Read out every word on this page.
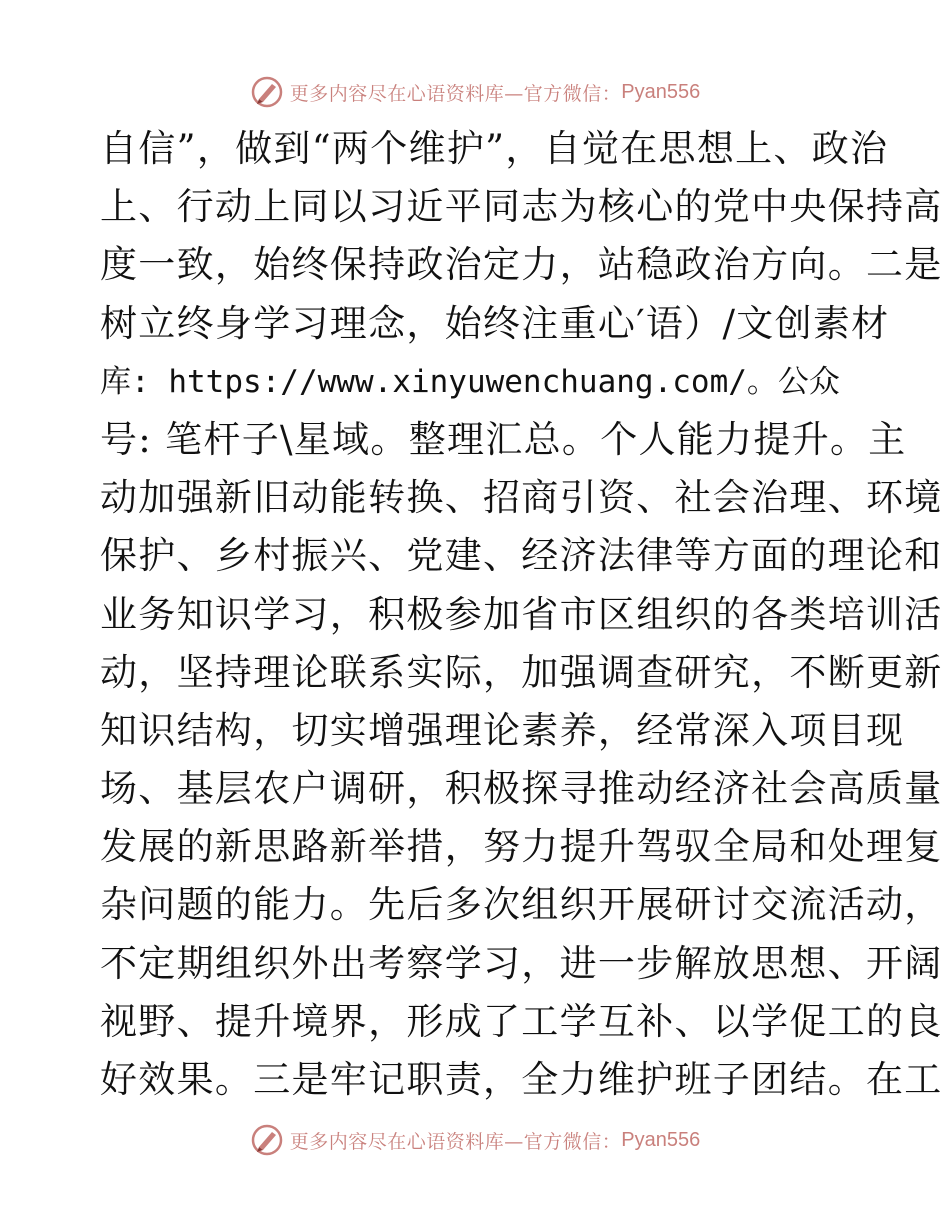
更多内容尽在心语资料库—官方微信： Pyan556
自信”，做到“两个维护”，自觉在思想上、政治
上、行动上同以习近平同志为核心的党中央保持高
度一致，始终保持政治定力，站稳政治方向。二是
树立终身学习理念，始终注重心′语）/文创素材
库: https://www.xinyuwenchuang.com/。公众
号: 笔杆子\星域。整理汇总。个人能力提升。主
动加强新旧动能转换、招商引资、社会治理、环境
保护、乡村振兴、党建、经济法律等方面的理论和
业务知识学习，积极参加省市区组织的各类培训活
动，坚持理论联系实际，加强调查研究，不断更新
知识结构，切实增强理论素养，经常深入项目现
场、基层农户调研，积极探寻推动经济社会高质量
发展的新思路新举措，努力提升驾驭全局和处理复
杂问题的能力。先后多次组织开展研讨交流活动，
不定期组织外出考察学习，进一步解放思想、开阔
视野、提升境界，形成了工学互补、以学促工的良
好效果。三是牢记职责，全力维护班子团结。在工
更多内容尽在心语资料库—官方微信： Pyan556
